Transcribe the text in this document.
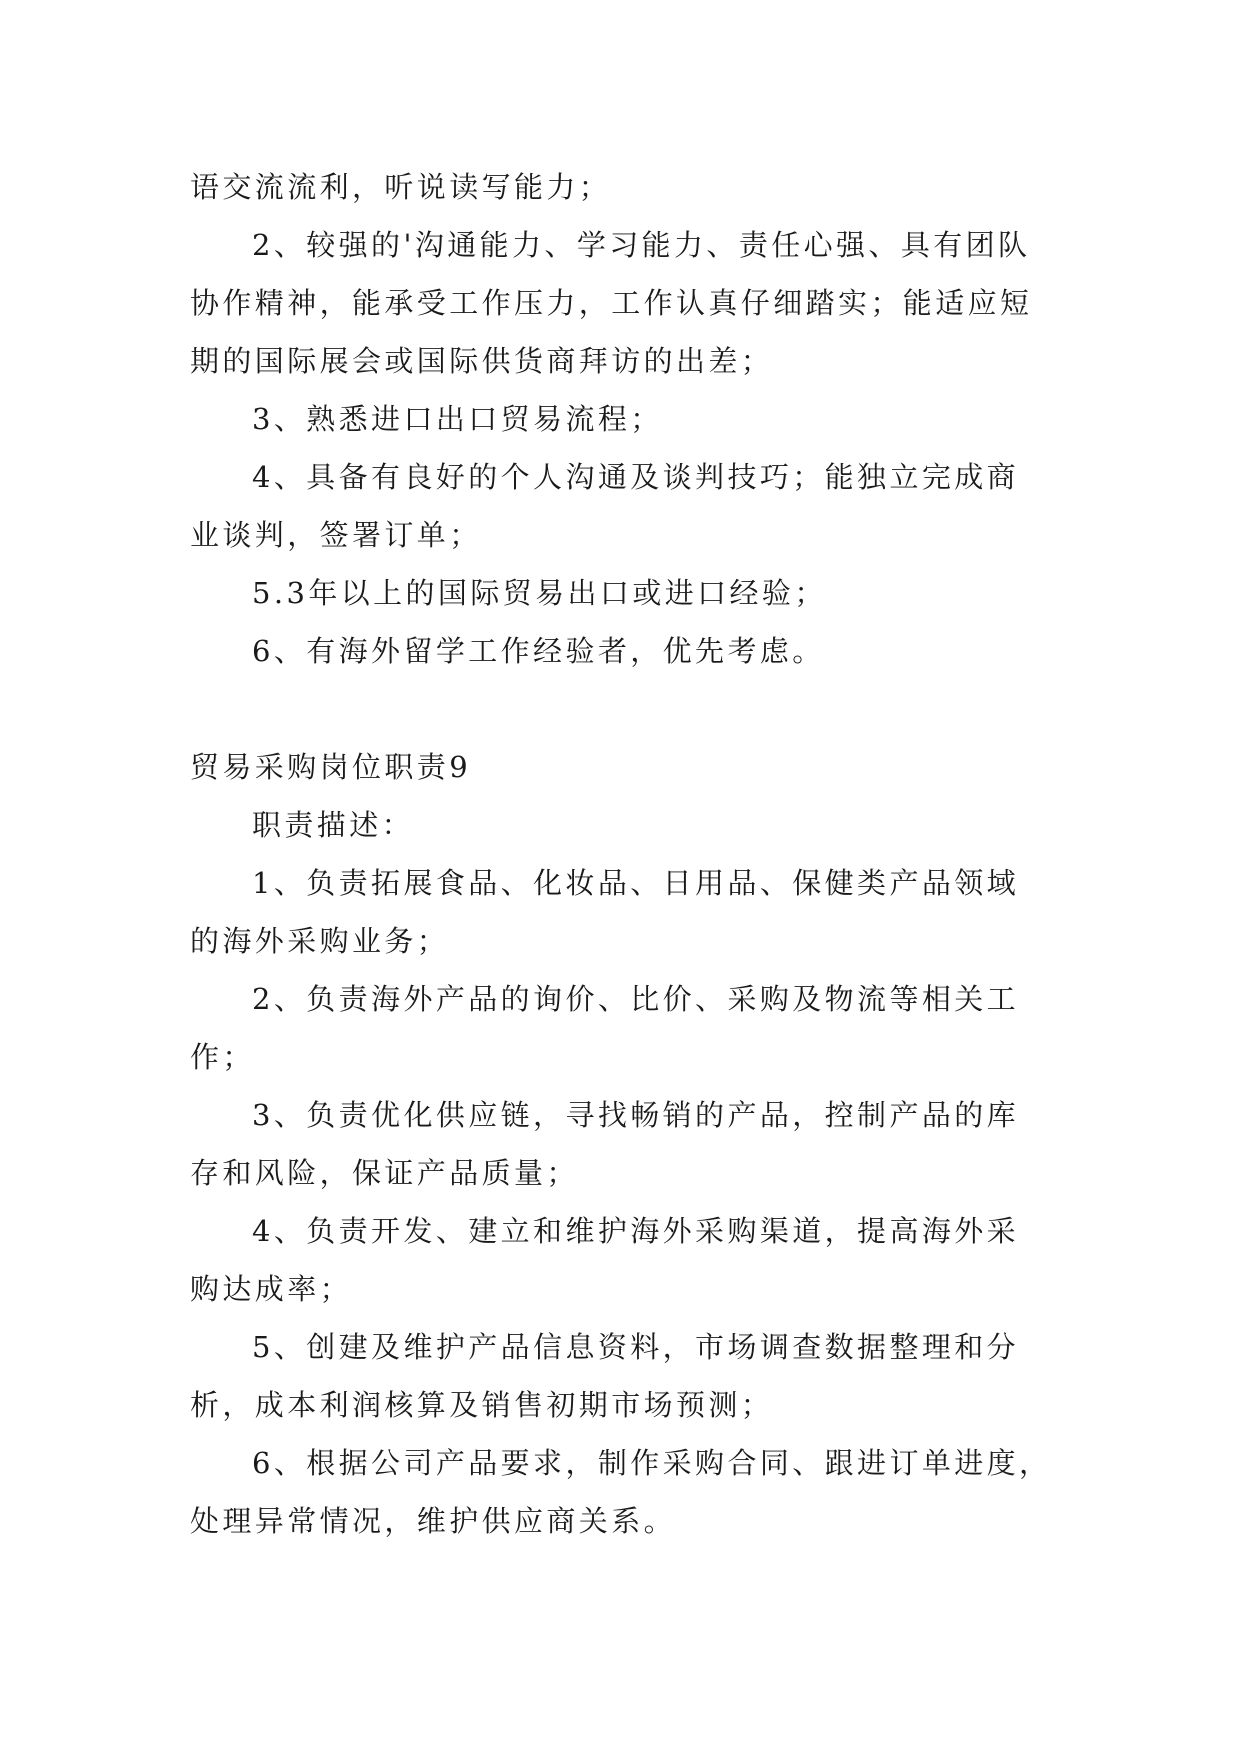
语交流流利，听说读写能力；
2、较强的'沟通能力、学习能力、责任心强、具有团队
协作精神，能承受工作压力，工作认真仔细踏实；能适应短
期的国际展会或国际供货商拜访的出差；
3、熟悉进口出口贸易流程；
4、具备有良好的个人沟通及谈判技巧；能独立完成商
业谈判，签署订单；
5.3年以上的国际贸易出口或进口经验；
6、有海外留学工作经验者，优先考虑。
贸易采购岗位职责9
职责描述：
1、负责拓展食品、化妆品、日用品、保健类产品领域
的海外采购业务；
2、负责海外产品的询价、比价、采购及物流等相关工
作；
3、负责优化供应链，寻找畅销的产品，控制产品的库
存和风险，保证产品质量；
4、负责开发、建立和维护海外采购渠道，提高海外采
购达成率；
5、创建及维护产品信息资料，市场调查数据整理和分
析，成本利润核算及销售初期市场预测；
6、根据公司产品要求，制作采购合同、跟进订单进度，
处理异常情况，维护供应商关系。
